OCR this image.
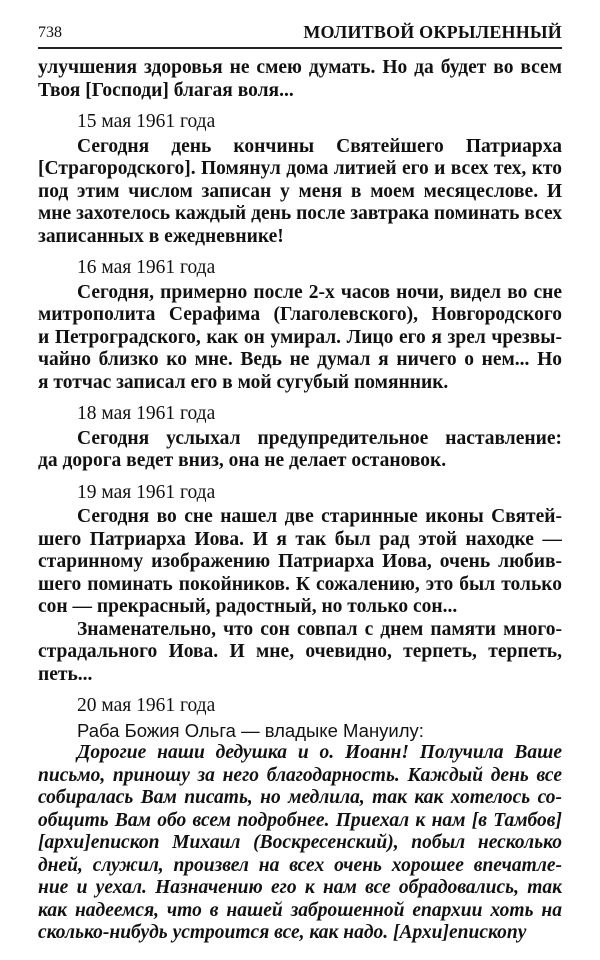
738	МОЛИТВОЙ ОКРЫЛЕННЫЙ
улучшения здоровья не смею думать. Но да будет во всем
Твоя [Господи] благая воля...
15 мая 1961 года
Сегодня день кончины Святейшего Патриарха
[Страгородского]. Помянул дома литией его и всех тех, кто
под этим числом записан у меня в моем месяцеслове. И
мне захотелось каждый день после завтрака поминать всех
записанных в ежедневнике!
16 мая 1961 года
Сегодня, примерно после 2-х часов ночи, видел во сне
митрополита Серафима (Глаголевского), Новгородского
и Петроградского, как он умирал. Лицо его я зрел чрезвы-
чайно близко ко мне. Ведь не думал я ничего о нем... Но
я тотчас записал его в мой сугубый помянник.
18 мая 1961 года
Сегодня услыхал предупредительное наставление:
да дорога ведет вниз, она не делает остановок.
19 мая 1961 года
Сегодня во сне нашел две старинные иконы Святей-
шего Патриарха Иова. И я так был рад этой находке —
старинному изображению Патриарха Иова, очень любив-
шего поминать покойников. К сожалению, это был только
сон — прекрасный, радостный, но только сон...
Знаменательно, что сон совпал с днем памяти много-
страдального Иова. И мне, очевидно, терпеть, терпеть,
петь...
20 мая 1961 года
Раба Божия Ольга — владыке Мануилу:
Дорогие наши дедушка и о. Иоанн! Получила Ваше
письмо, приношу за него благодарность. Каждый день все
собиралась Вам писать, но медлила, так как хотелось со-
общить Вам обо всем подробнее. Приехал к нам [в Тамбов]
[архи]епископ Михаил (Воскресенский), побыл несколько
дней, служил, произвел на всех очень хорошее впечатле-
ние и уехал. Назначению его к нам все обрадовались, так
как надеемся, что в нашей заброшенной епархии хоть на
сколько-нибудь устроится все, как надо. [Архи]епископу
